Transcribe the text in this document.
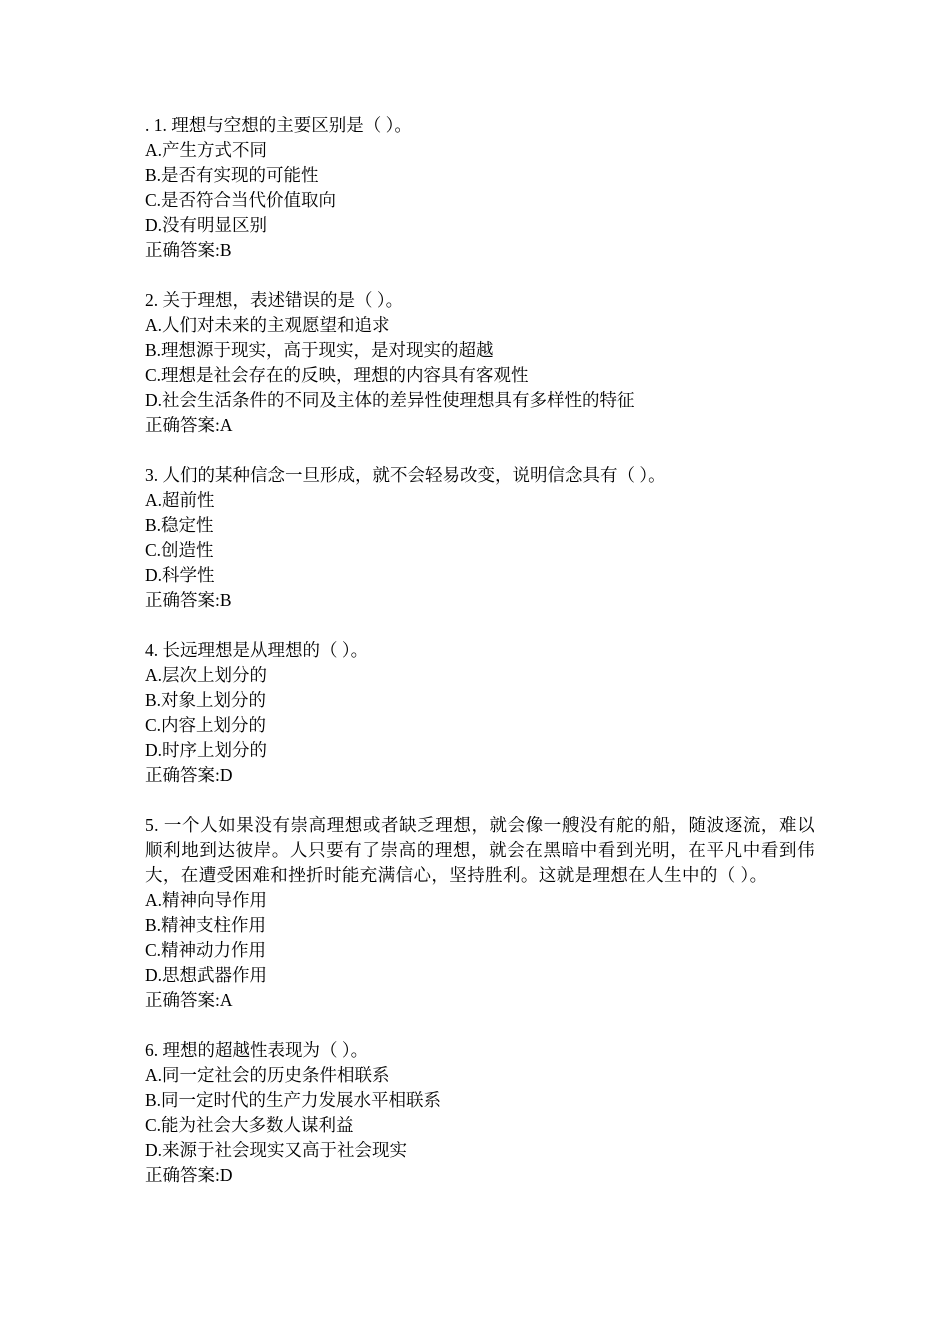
. 1. 理想与空想的主要区别是（ ）。
A.产生方式不同
B.是否有实现的可能性
C.是否符合当代价值取向
D.没有明显区别
正确答案:B
2. 关于理想，表述错误的是（ ）。
A.人们对未来的主观愿望和追求
B.理想源于现实，高于现实，是对现实的超越
C.理想是社会存在的反映，理想的内容具有客观性
D.社会生活条件的不同及主体的差异性使理想具有多样性的特征
正确答案:A
3. 人们的某种信念一旦形成，就不会轻易改变，说明信念具有（ ）。
A.超前性
B.稳定性
C.创造性
D.科学性
正确答案:B
4. 长远理想是从理想的（ ）。
A.层次上划分的
B.对象上划分的
C.内容上划分的
D.时序上划分的
正确答案:D
5. 一个人如果没有崇高理想或者缺乏理想，就会像一艘没有舵的船，随波逐流，难以顺利地到达彼岸。人只要有了崇高的理想，就会在黑暗中看到光明，在平凡中看到伟大，在遭受困难和挫折时能充满信心，坚持胜利。这就是理想在人生中的（ ）。
A.精神向导作用
B.精神支柱作用
C.精神动力作用
D.思想武器作用
正确答案:A
6. 理想的超越性表现为（ ）。
A.同一定社会的历史条件相联系
B.同一定时代的生产力发展水平相联系
C.能为社会大多数人谋利益
D.来源于社会现实又高于社会现实
正确答案:D
